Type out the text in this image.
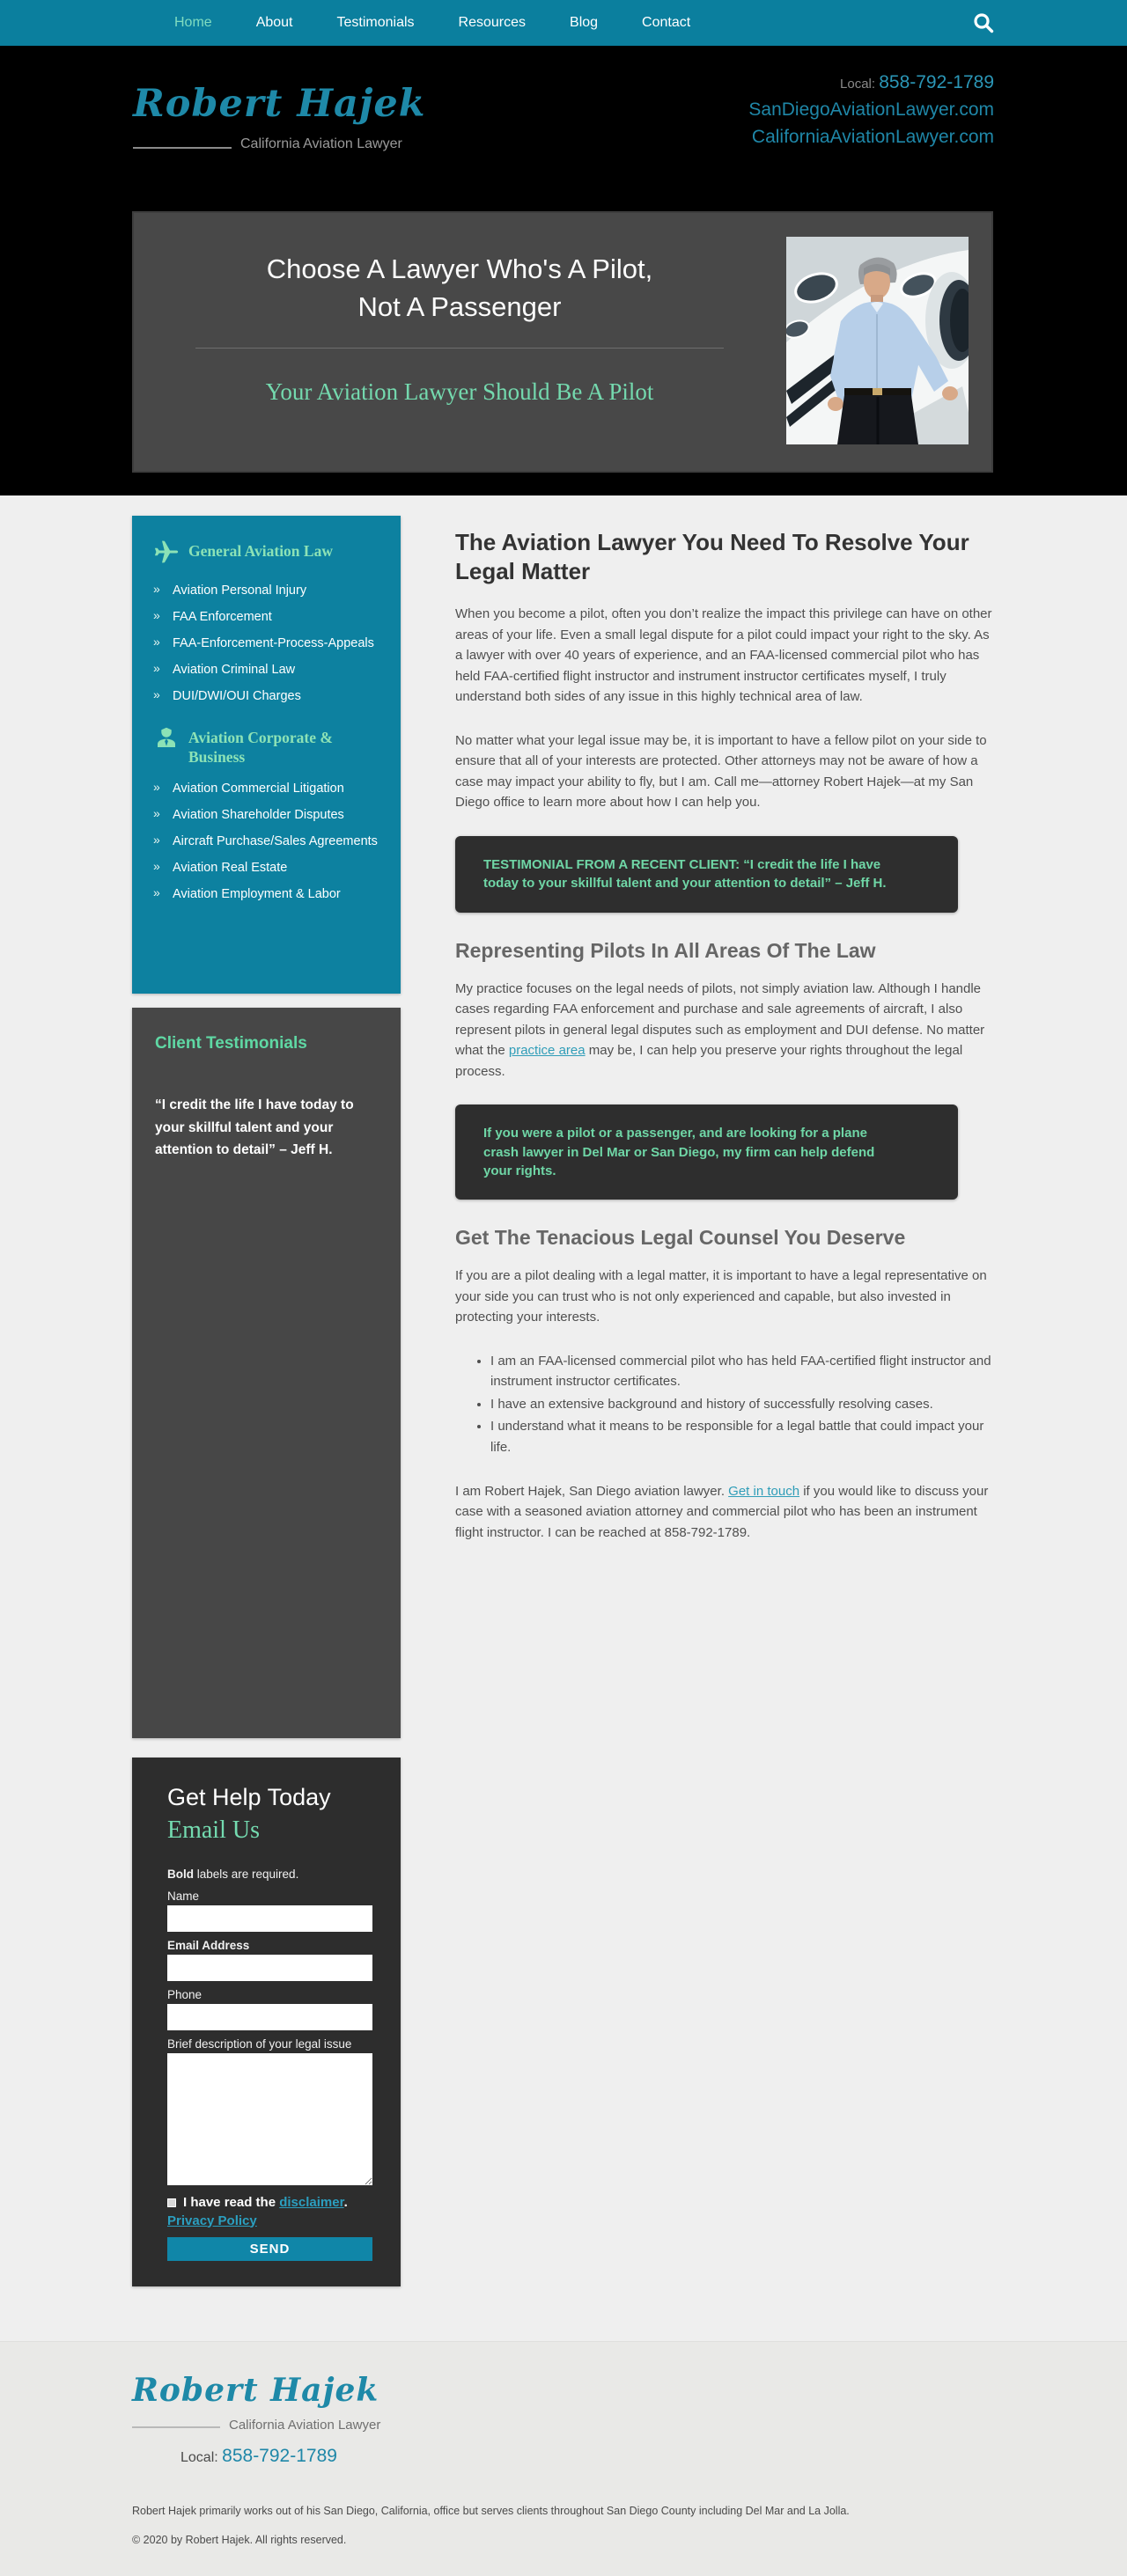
Home	About	Testimonials	Resources	Blog	Contact
Robert Hajek
California Aviation Lawyer
Local: 858-792-1789
SanDiegoAviationLawyer.com
CaliforniaAviationLawyer.com
Choose A Lawyer Who's A Pilot,
Not A Passenger
Your Aviation Lawyer Should Be A Pilot
General Aviation Law
» Aviation Personal Injury
» FAA Enforcement
» FAA-Enforcement-Process-Appeals
» Aviation Criminal Law
» DUI/DWI/OUI Charges
Aviation Corporate & Business
» Aviation Commercial Litigation
» Aviation Shareholder Disputes
» Aircraft Purchase/Sales Agreements
» Aviation Real Estate
» Aviation Employment & Labor
Client Testimonials
“I credit the life I have today to your skillful talent and your attention to detail” – Jeff H.
Get Help Today
Email Us
Bold labels are required.
Name
Email Address
Phone
Brief description of your legal issue
I have read the disclaimer.
Privacy Policy
SEND
The Aviation Lawyer You Need To Resolve Your Legal Matter

When you become a pilot, often you don’t realize the impact this privilege can have on other areas of your life. Even a small legal dispute for a pilot could impact your right to the sky. As a lawyer with over 40 years of experience, and an FAA-licensed commercial pilot who has held FAA-certified flight instructor and instrument instructor certificates myself, I truly understand both sides of any issue in this highly technical area of law.

No matter what your legal issue may be, it is important to have a fellow pilot on your side to ensure that all of your interests are protected. Other attorneys may not be aware of how a case may impact your ability to fly, but I am. Call me—attorney Robert Hajek—at my San Diego office to learn more about how I can help you.

TESTIMONIAL FROM A RECENT CLIENT: “I credit the life I have today to your skillful talent and your attention to detail” – Jeff H.
Representing Pilots In All Areas Of The Law

My practice focuses on the legal needs of pilots, not simply aviation law. Although I handle cases regarding FAA enforcement and purchase and sale agreements of aircraft, I also represent pilots in general legal disputes such as employment and DUI defense. No matter what the practice area may be, I can help you preserve your rights throughout the legal process.

If you were a pilot or a passenger, and are looking for a plane crash lawyer in Del Mar or San Diego, my firm can help defend your rights.
Get The Tenacious Legal Counsel You Deserve

If you are a pilot dealing with a legal matter, it is important to have a legal representative on your side you can trust who is not only experienced and capable, but also invested in protecting your interests.

• I am an FAA-licensed commercial pilot who has held FAA-certified flight instructor and instrument instructor certificates.
• I have an extensive background and history of successfully resolving cases.
• I understand what it means to be responsible for a legal battle that could impact your life.

I am Robert Hajek, San Diego aviation lawyer. Get in touch if you would like to discuss your case with a seasoned aviation attorney and commercial pilot who has been an instrument flight instructor. I can be reached at 858-792-1789.

Robert Hajek
California Aviation Lawyer
Local: 858-792-1789
Robert Hajek primarily works out of his San Diego, California, office but serves clients throughout San Diego County including Del Mar and La Jolla.
© 2020 by Robert Hajek. All rights reserved.
